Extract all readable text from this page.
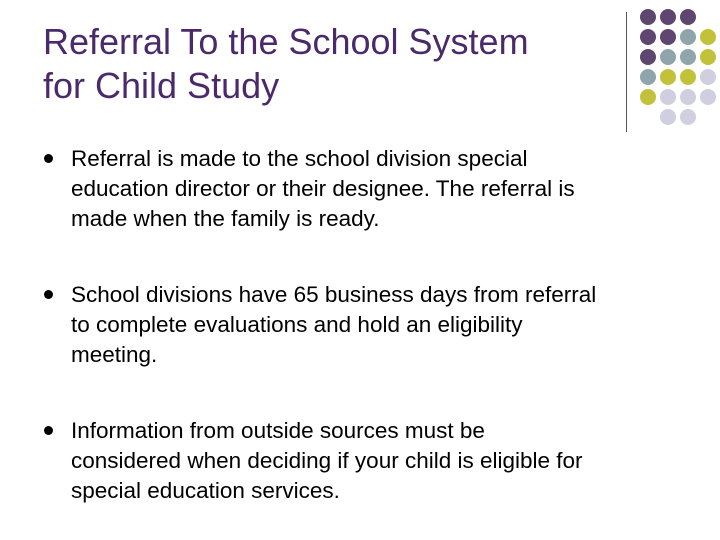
Referral To the School System
for Child Study
Referral is made to the school division special
education director or their designee. The referral is
made when the family is ready.
School divisions have 65 business days from referral
to complete evaluations and hold an eligibility
meeting.
Information from outside sources must be
considered when deciding if your child is eligible for
special education services.
